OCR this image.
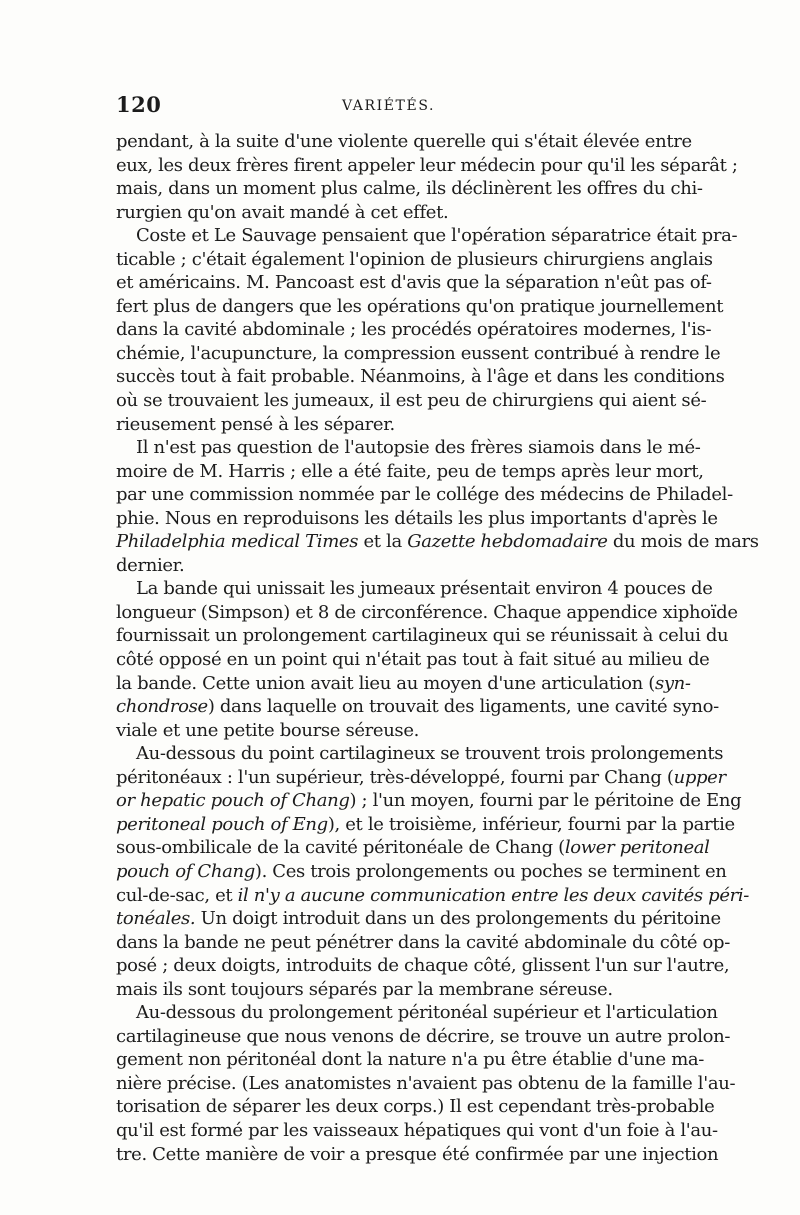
120	VARIÉTÉS.
pendant, à la suite d'une violente querelle qui s'était élevée entre
eux, les deux frères firent appeler leur médecin pour qu'il les séparât ;
mais, dans un moment plus calme, ils déclinèrent les offres du chi-
rurgien qu'on avait mandé à cet effet.
Coste et Le Sauvage pensaient que l'opération séparatrice était pra-
ticable ; c'était également l'opinion de plusieurs chirurgiens anglais
et américains. M. Pancoast est d'avis que la séparation n'eût pas of-
fert plus de dangers que les opérations qu'on pratique journellement
dans la cavité abdominale ; les procédés opératoires modernes, l'is-
chémie, l'acupuncture, la compression eussent contribué à rendre le
succès tout à fait probable. Néanmoins, à l'âge et dans les conditions
où se trouvaient les jumeaux, il est peu de chirurgiens qui aient sé-
rieusement pensé à les séparer.
Il n'est pas question de l'autopsie des frères siamois dans le mé-
moire de M. Harris ; elle a été faite, peu de temps après leur mort,
par une commission nommée par le collége des médecins de Philadel-
phie. Nous en reproduisons les détails les plus importants d'après le
Philadelphia medical Times et la Gazette hebdomadaire du mois de mars
dernier.
La bande qui unissait les jumeaux présentait environ 4 pouces de
longueur (Simpson) et 8 de circonférence. Chaque appendice xiphoïde
fournissait un prolongement cartilagineux qui se réunissait à celui du
côté opposé en un point qui n'était pas tout à fait situé au milieu de
la bande. Cette union avait lieu au moyen d'une articulation (syn-
chondrose) dans laquelle on trouvait des ligaments, une cavité syno-
viale et une petite bourse séreuse.
Au-dessous du point cartilagineux se trouvent trois prolongements
péritonéaux : l'un supérieur, très-développé, fourni par Chang (upper
or hepatic pouch of Chang) ; l'un moyen, fourni par le péritoine de Eng
peritoneal pouch of Eng), et le troisième, inférieur, fourni par la partie
sous-ombilicale de la cavité péritonéale de Chang (lower peritoneal
pouch of Chang). Ces trois prolongements ou poches se terminent en
cul-de-sac, et il n'y a aucune communication entre les deux cavités péri-
tonéales. Un doigt introduit dans un des prolongements du péritoine
dans la bande ne peut pénétrer dans la cavité abdominale du côté op-
posé ; deux doigts, introduits de chaque côté, glissent l'un sur l'autre,
mais ils sont toujours séparés par la membrane séreuse.
Au-dessous du prolongement péritonéal supérieur et l'articulation
cartilagineuse que nous venons de décrire, se trouve un autre prolon-
gement non péritonéal dont la nature n'a pu être établie d'une ma-
nière précise. (Les anatomistes n'avaient pas obtenu de la famille l'au-
torisation de séparer les deux corps.) Il est cependant très-probable
qu'il est formé par les vaisseaux hépatiques qui vont d'un foie à l'au-
tre. Cette manière de voir a presque été confirmée par une injection
